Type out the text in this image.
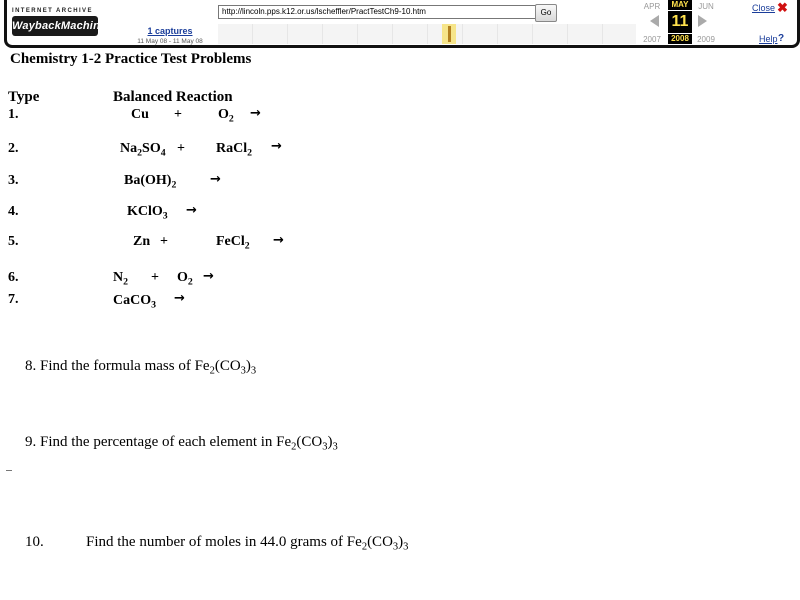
INTERNET ARCHIVE
WaybackMachine	1 captures
11 May 08 - 11 May 08
http://lincoln.pps.k12.or.us/lscheffler/PractTestCh9-10.htm	Go
APR	MAY	JUN
11
2007	2008	2009
Close ✖
Help ?
Chemistry 1-2 Practice Test Problems
Type	Balanced Reaction
1.	Cu +	$O_2$ →
2.	$Na_2SO_4$ + RaCl$_2$ →
3.	$Ba(OH)_2$	→
4.	KClO$_3$ →
5.	Zn +	FeCl$_2$ →
6.	$N_2 + O_2$ →
7.	CaCO$_3$ →
8. Find the formula mass of $Fe_2(CO_3)_3$
9. Find the percentage of each element in $Fe_2(CO_3)_3$
10.	Find the number of moles in 44.0 grams of $Fe_2(CO_3)_3$
